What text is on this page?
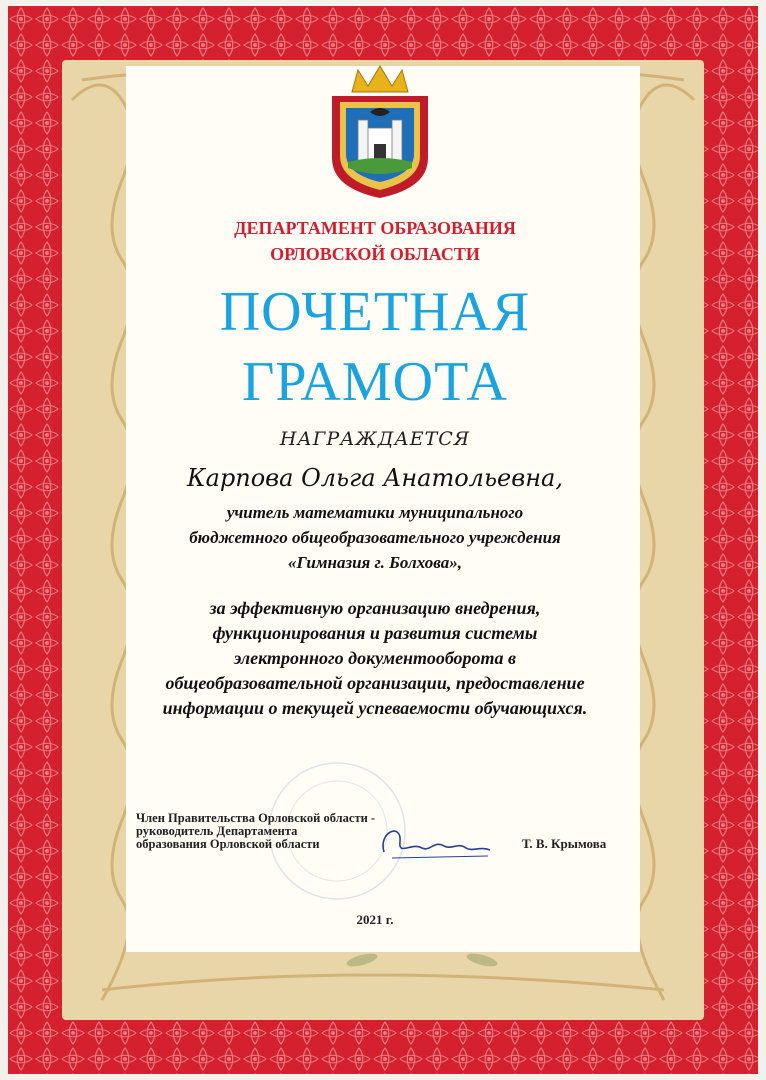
ДЕПАРТАМЕНТ ОБРАЗОВАНИЯ
ОРЛОВСКОЙ ОБЛАСТИ
ПОЧЕТНАЯ
ГРАМОТА
НАГРАЖДАЕТСЯ
Карпова Ольга Анатольевна,
учитель математики муниципального
бюджетного общеобразовательного учреждения
«Гимназия г. Болхова»,
за эффективную организацию внедрения,
функционирования и развития системы
электронного документооборота в
общеобразовательной организации, предоставление
информации о текущей успеваемости обучающихся.
Член Правительства Орловской области -
руководитель Департамента
образования Орловской области	Т. В. Крымова
2021 г.
